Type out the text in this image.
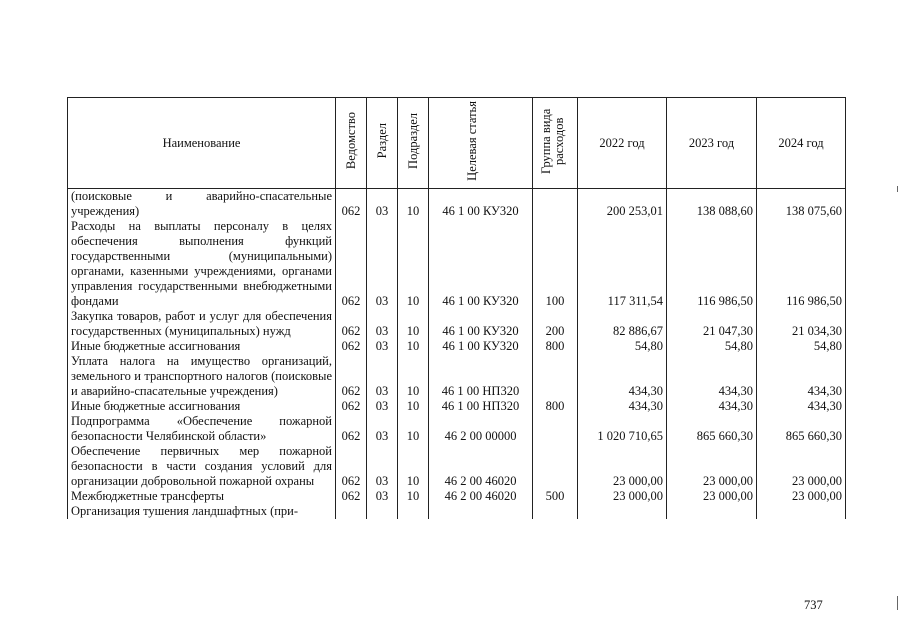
Наименование	Ведомство	Раздел	Подраздел	Целевая статья	Группа вида расходов	2022 год	2023 год	2024 год
(поисковые и аварийно-спасательные учреждения)	062	03	10	46 1 00 КУ320		200 253,01	138 088,60	138 075,60
Расходы на выплаты персоналу в целях обеспечения выполнения функций государственными (муниципальными) органами, казенными учреждениями, органами управления государственными внебюджетными фондами	062	03	10	46 1 00 КУ320	100	117 311,54	116 986,50	116 986,50
Закупка товаров, работ и услуг для обеспечения государственных (муниципальных) нужд	062	03	10	46 1 00 КУ320	200	82 886,67	21 047,30	21 034,30
Иные бюджетные ассигнования	062	03	10	46 1 00 КУ320	800	54,80	54,80	54,80
Уплата налога на имущество организаций, земельного и транспортного налогов (поисковые и аварийно-спасательные учреждения)	062	03	10	46 1 00 НП320		434,30	434,30	434,30
Иные бюджетные ассигнования	062	03	10	46 1 00 НП320	800	434,30	434,30	434,30
Подпрограмма «Обеспечение пожарной безопасности Челябинской области»	062	03	10	46 2 00 00000		1 020 710,65	865 660,30	865 660,30
Обеспечение первичных мер пожарной безопасности в части создания условий для организации добровольной пожарной охраны	062	03	10	46 2 00 46020		23 000,00	23 000,00	23 000,00
Межбюджетные трансферты	062	03	10	46 2 00 46020	500	23 000,00	23 000,00	23 000,00
Организация тушения ландшафтных (при-								
737
